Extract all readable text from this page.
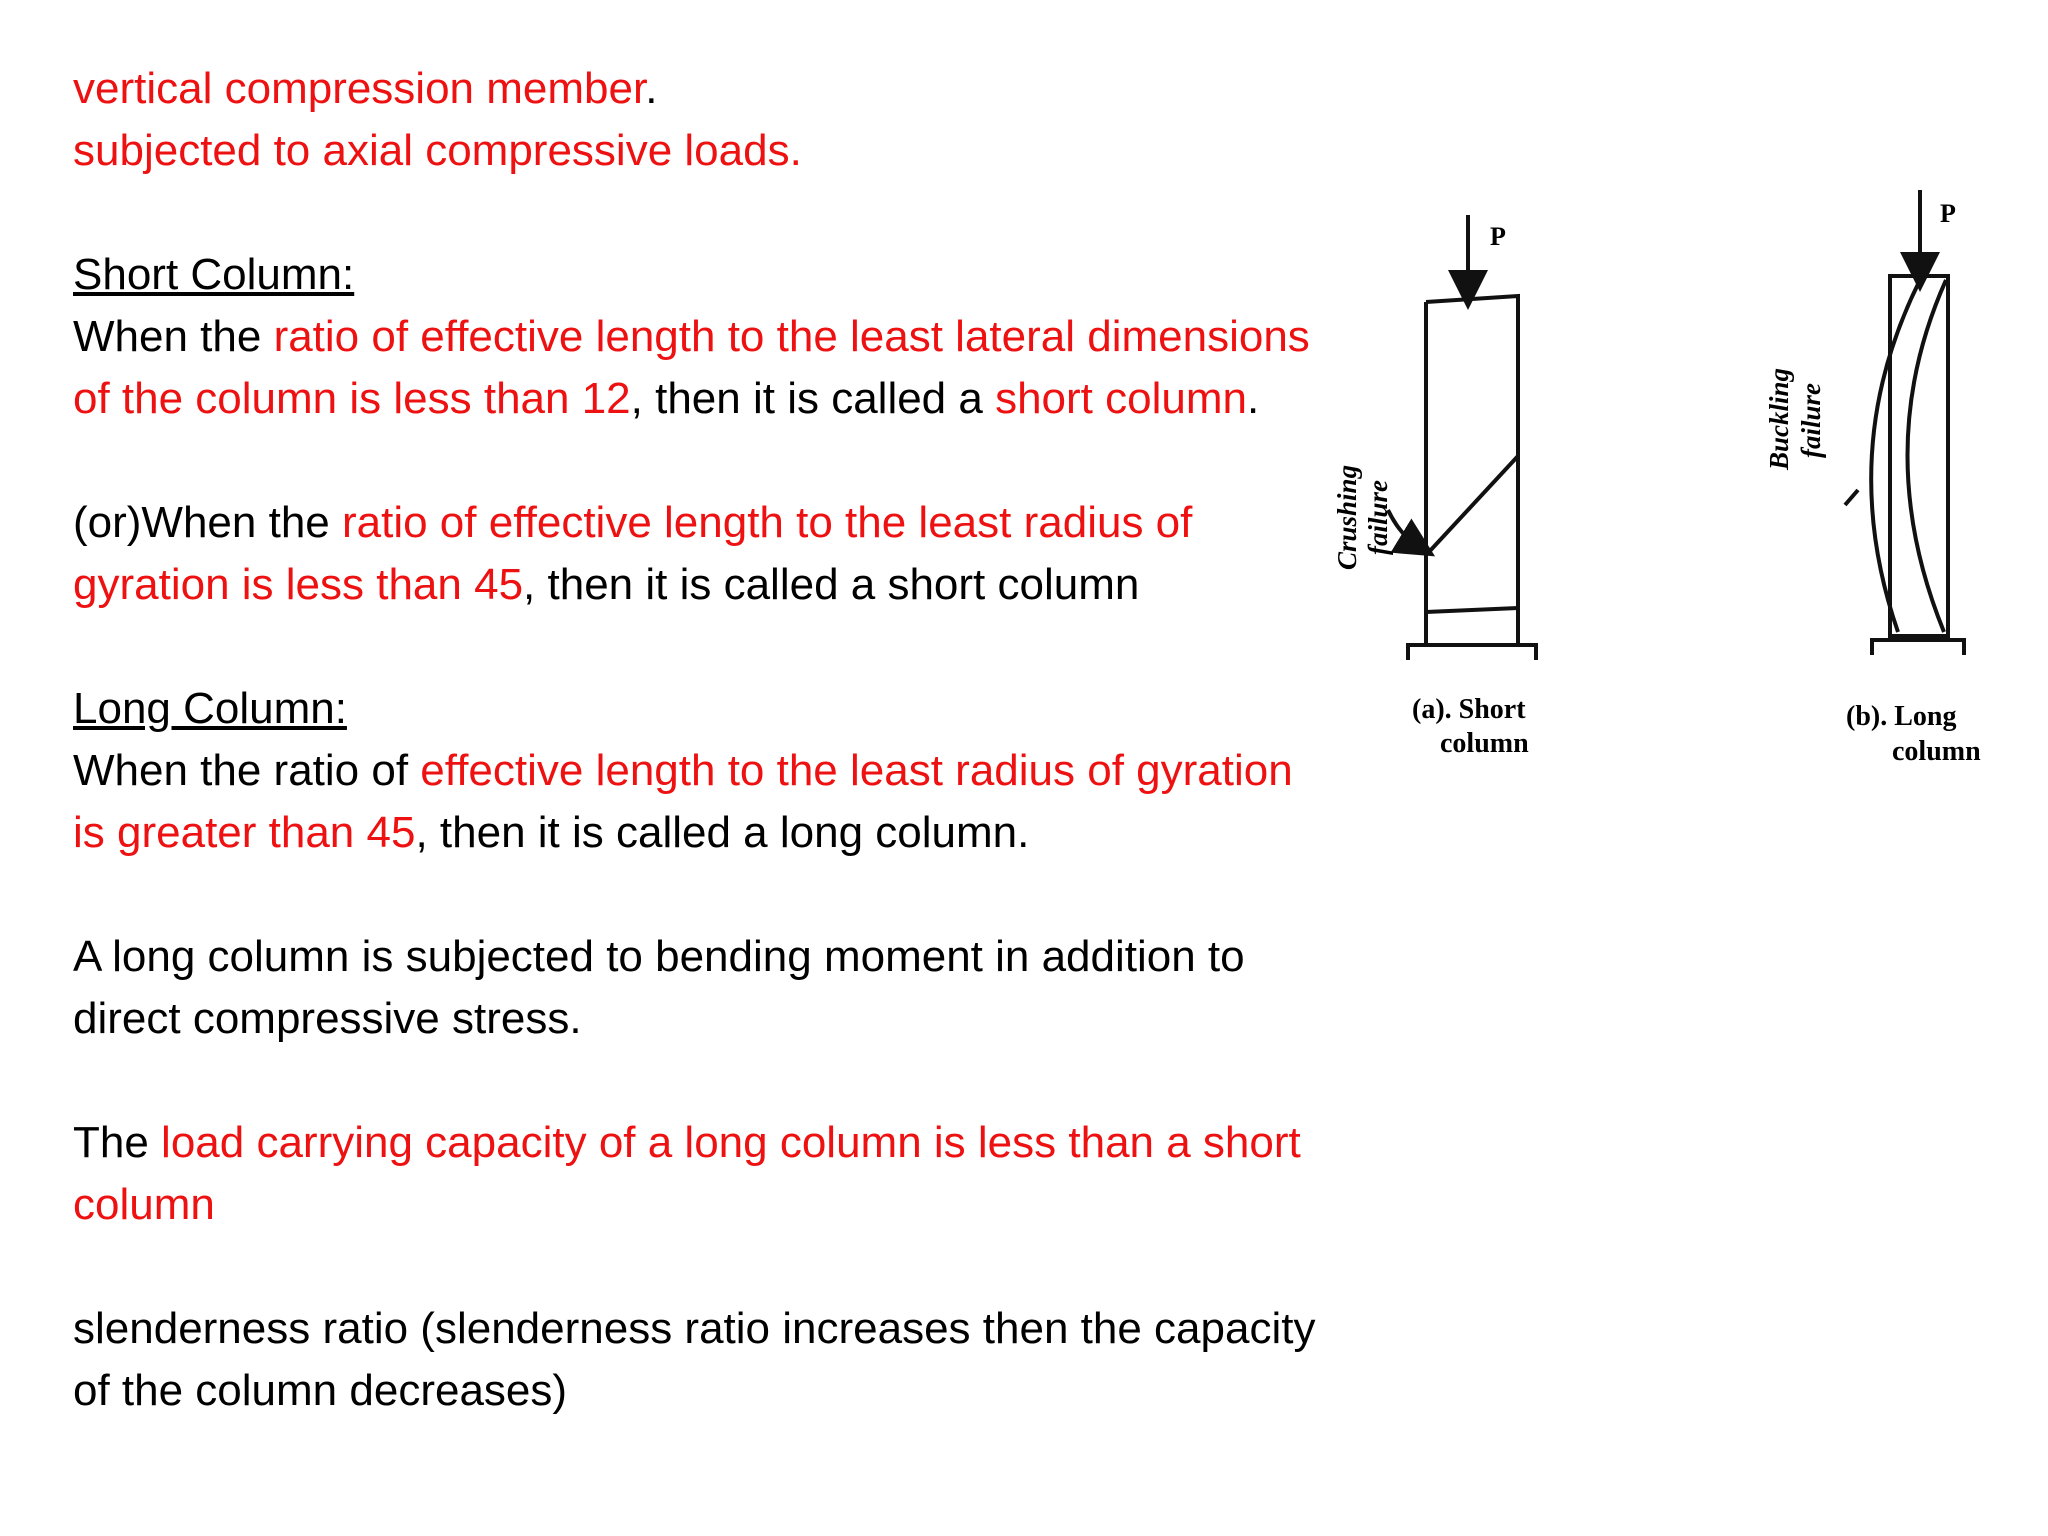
vertical compression member.

subjected to axial compressive loads.

Short Column:

When the ratio of effective length to the least lateral dimensions of the column is less than 12, then it is called a short column.

(or)When the ratio of effective length to the least radius of gyration is less than 45, then it is called a short column

Long Column:

When the ratio of effective length to the least radius of gyration is greater than 45, then it is called a long column.

A long column is subjected to bending moment in addition to direct compressive stress.

The load carrying capacity of a long column is less than a short column

slenderness ratio (slenderness ratio increases then the capacity of the column decreases)

P
Crushing failure
(a). Short
column
P
Buckling failure
(b). Long
column
